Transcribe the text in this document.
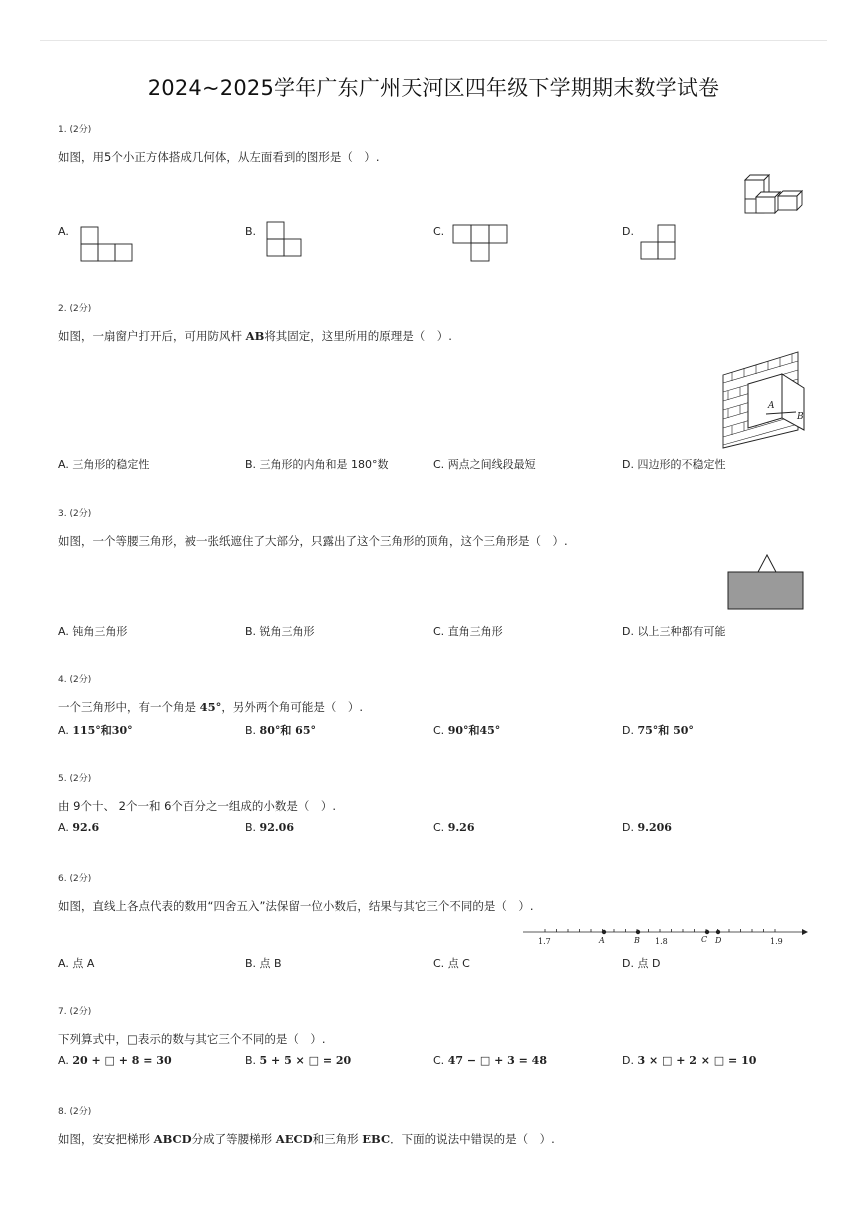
2024~2025学年广东广州天河区四年级下学期期末数学试卷
1. (2分)
如图，用5个小正方体搭成几何体，从左面看到的图形是（　）.
A.	B.	C.	D.
2. (2分)
如图，一扇窗户打开后，可用防风杆 AB将其固定，这里所用的原理是（　）.
A
B
A. 三角形的稳定性	B. 三角形的内角和是 180°数	C. 两点之间线段最短	D. 四边形的不稳定性
3. (2分)
如图，一个等腰三角形，被一张纸遮住了大部分，只露出了这个三角形的顶角，这个三角形是（　）.
A. 钝角三角形	B. 锐角三角形	C. 直角三角形	D. 以上三种都有可能
4. (2分)
一个三角形中，有一个角是 45°，另外两个角可能是（　）.
A. 115°和30°	B. 80°和 65°	C. 90°和45°	D. 75°和 50°
5. (2分)
由 9个十、 2个一和 6个百分之一组成的小数是（　）.
A. 92.6	B. 92.06	C. 9.26	D. 9.206
6. (2分)
如图，直线上各点代表的数用“四舍五入”法保留一位小数后，结果与其它三个不同的是（　）.
1.7	A	B 1.8	C D	1.9
A. 点 A	B. 点 B	C. 点 C	D. 点 D
7. (2分)
下列算式中，□表示的数与其它三个不同的是（　）.
A. 20 + □ + 8 = 30	B. 5 + 5 × □ = 20	C. 47 − □ + 3 = 48	D. 3 × □ + 2 × □ = 10
8. (2分)
如图，安安把梯形 ABCD分成了等腰梯形 AECD和三角形 EBC．下面的说法中错误的是（　）.
